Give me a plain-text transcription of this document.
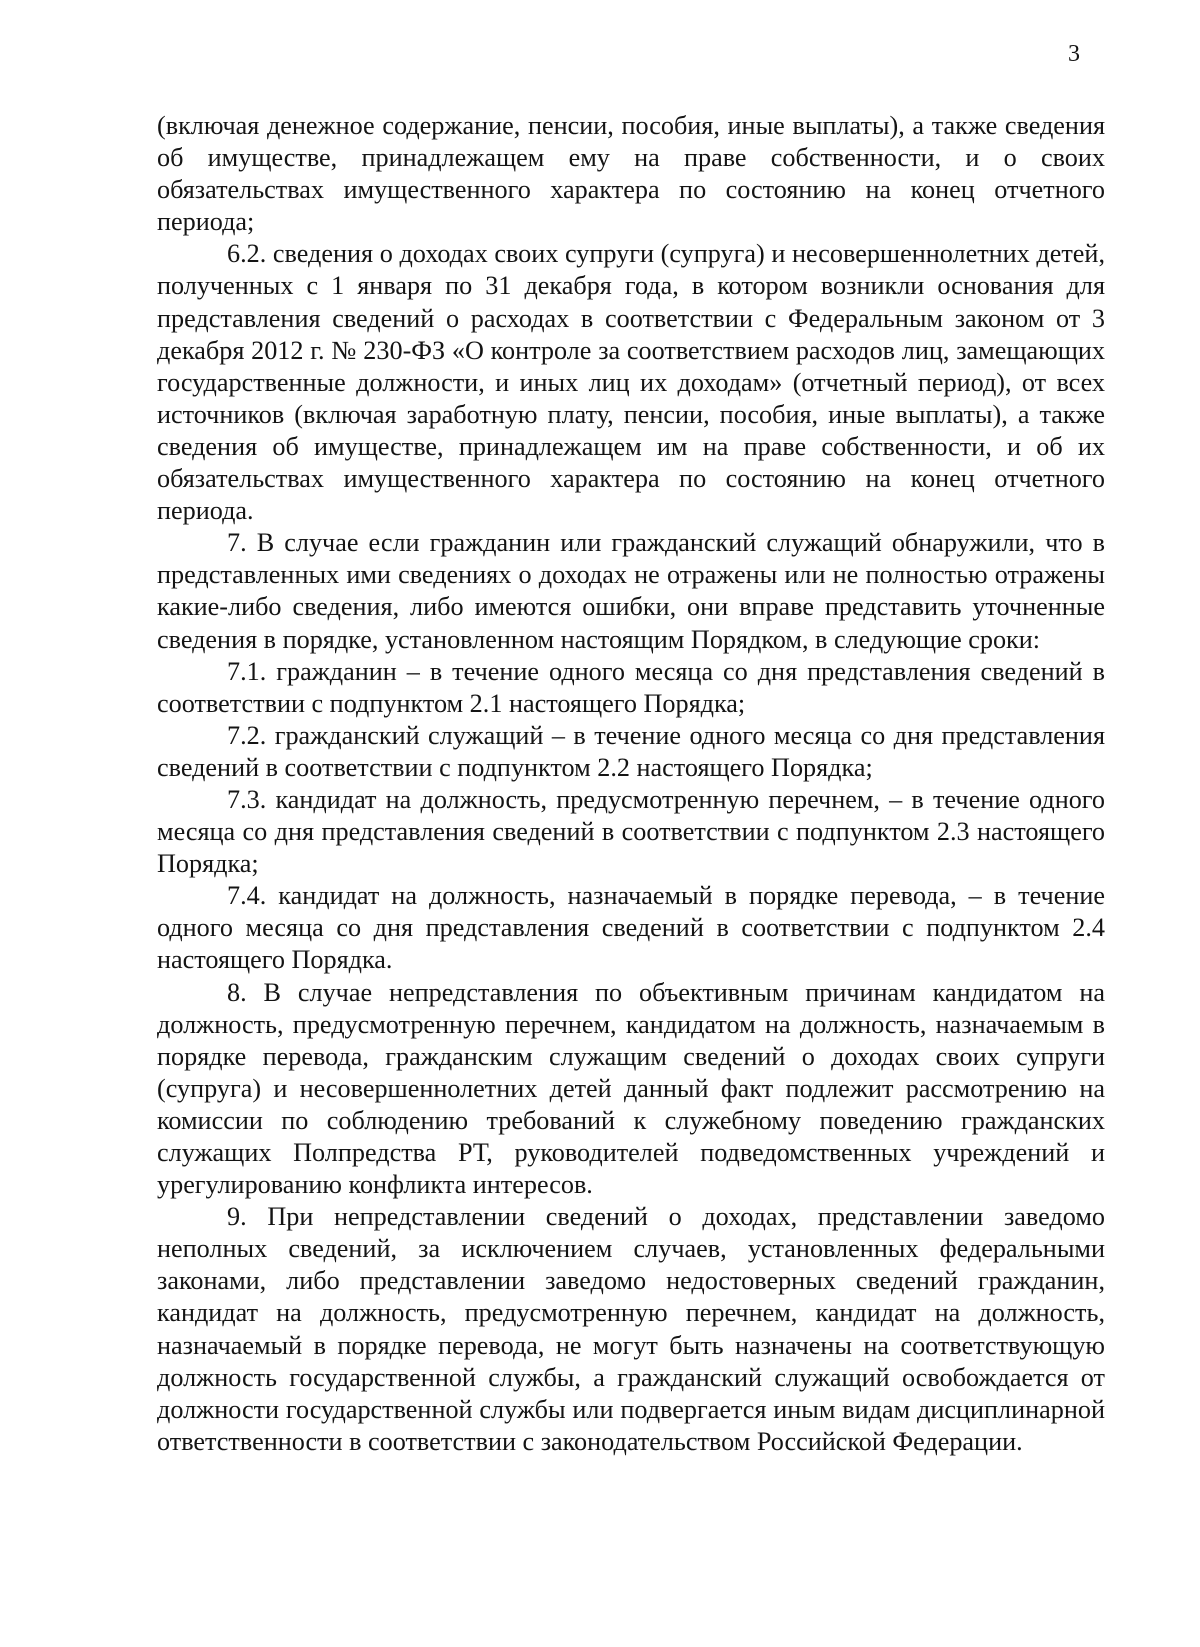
3

(включая денежное содержание, пенсии, пособия, иные выплаты), а также сведения об имуществе, принадлежащем ему на праве собственности, и о своих обязательствах имущественного характера по состоянию на конец отчетного периода;

6.2. сведения о доходах своих супруги (супруга) и несовершеннолетних детей, полученных с 1 января по 31 декабря года, в котором возникли основания для представления сведений о расходах в соответствии с Федеральным законом от 3 декабря 2012 г. № 230-ФЗ «О контроле за соответствием расходов лиц, замещающих государственные должности, и иных лиц их доходам» (отчетный период), от всех источников (включая заработную плату, пенсии, пособия, иные выплаты), а также сведения об имуществе, принадлежащем им на праве собственности, и об их обязательствах имущественного характера по состоянию на конец отчетного периода.

7. В случае если гражданин или гражданский служащий обнаружили, что в представленных ими сведениях о доходах не отражены или не полностью отражены какие-либо сведения, либо имеются ошибки, они вправе представить уточненные сведения в порядке, установленном настоящим Порядком, в следующие сроки:

7.1. гражданин – в течение одного месяца со дня представления сведений в соответствии с подпунктом 2.1 настоящего Порядка;

7.2. гражданский служащий – в течение одного месяца со дня представления сведений в соответствии с подпунктом 2.2 настоящего Порядка;

7.3. кандидат на должность, предусмотренную перечнем, – в течение одного месяца со дня представления сведений в соответствии с подпунктом 2.3 настоящего Порядка;

7.4. кандидат на должность, назначаемый в порядке перевода, – в течение одного месяца со дня представления сведений в соответствии с подпунктом 2.4 настоящего Порядка.

8. В случае непредставления по объективным причинам кандидатом на должность, предусмотренную перечнем, кандидатом на должность, назначаемым в порядке перевода, гражданским служащим сведений о доходах своих супруги (супруга) и несовершеннолетних детей данный факт подлежит рассмотрению на комиссии по соблюдению требований к служебному поведению гражданских служащих Полпредства РТ, руководителей подведомственных учреждений и урегулированию конфликта интересов.

9. При непредставлении сведений о доходах, представлении заведомо неполных сведений, за исключением случаев, установленных федеральными законами, либо представлении заведомо недостоверных сведений гражданин, кандидат на должность, предусмотренную перечнем, кандидат на должность, назначаемый в порядке перевода, не могут быть назначены на соответствующую должность государственной службы, а гражданский служащий освобождается от должности государственной службы или подвергается иным видам дисциплинарной ответственности в соответствии с законодательством Российской Федерации.
